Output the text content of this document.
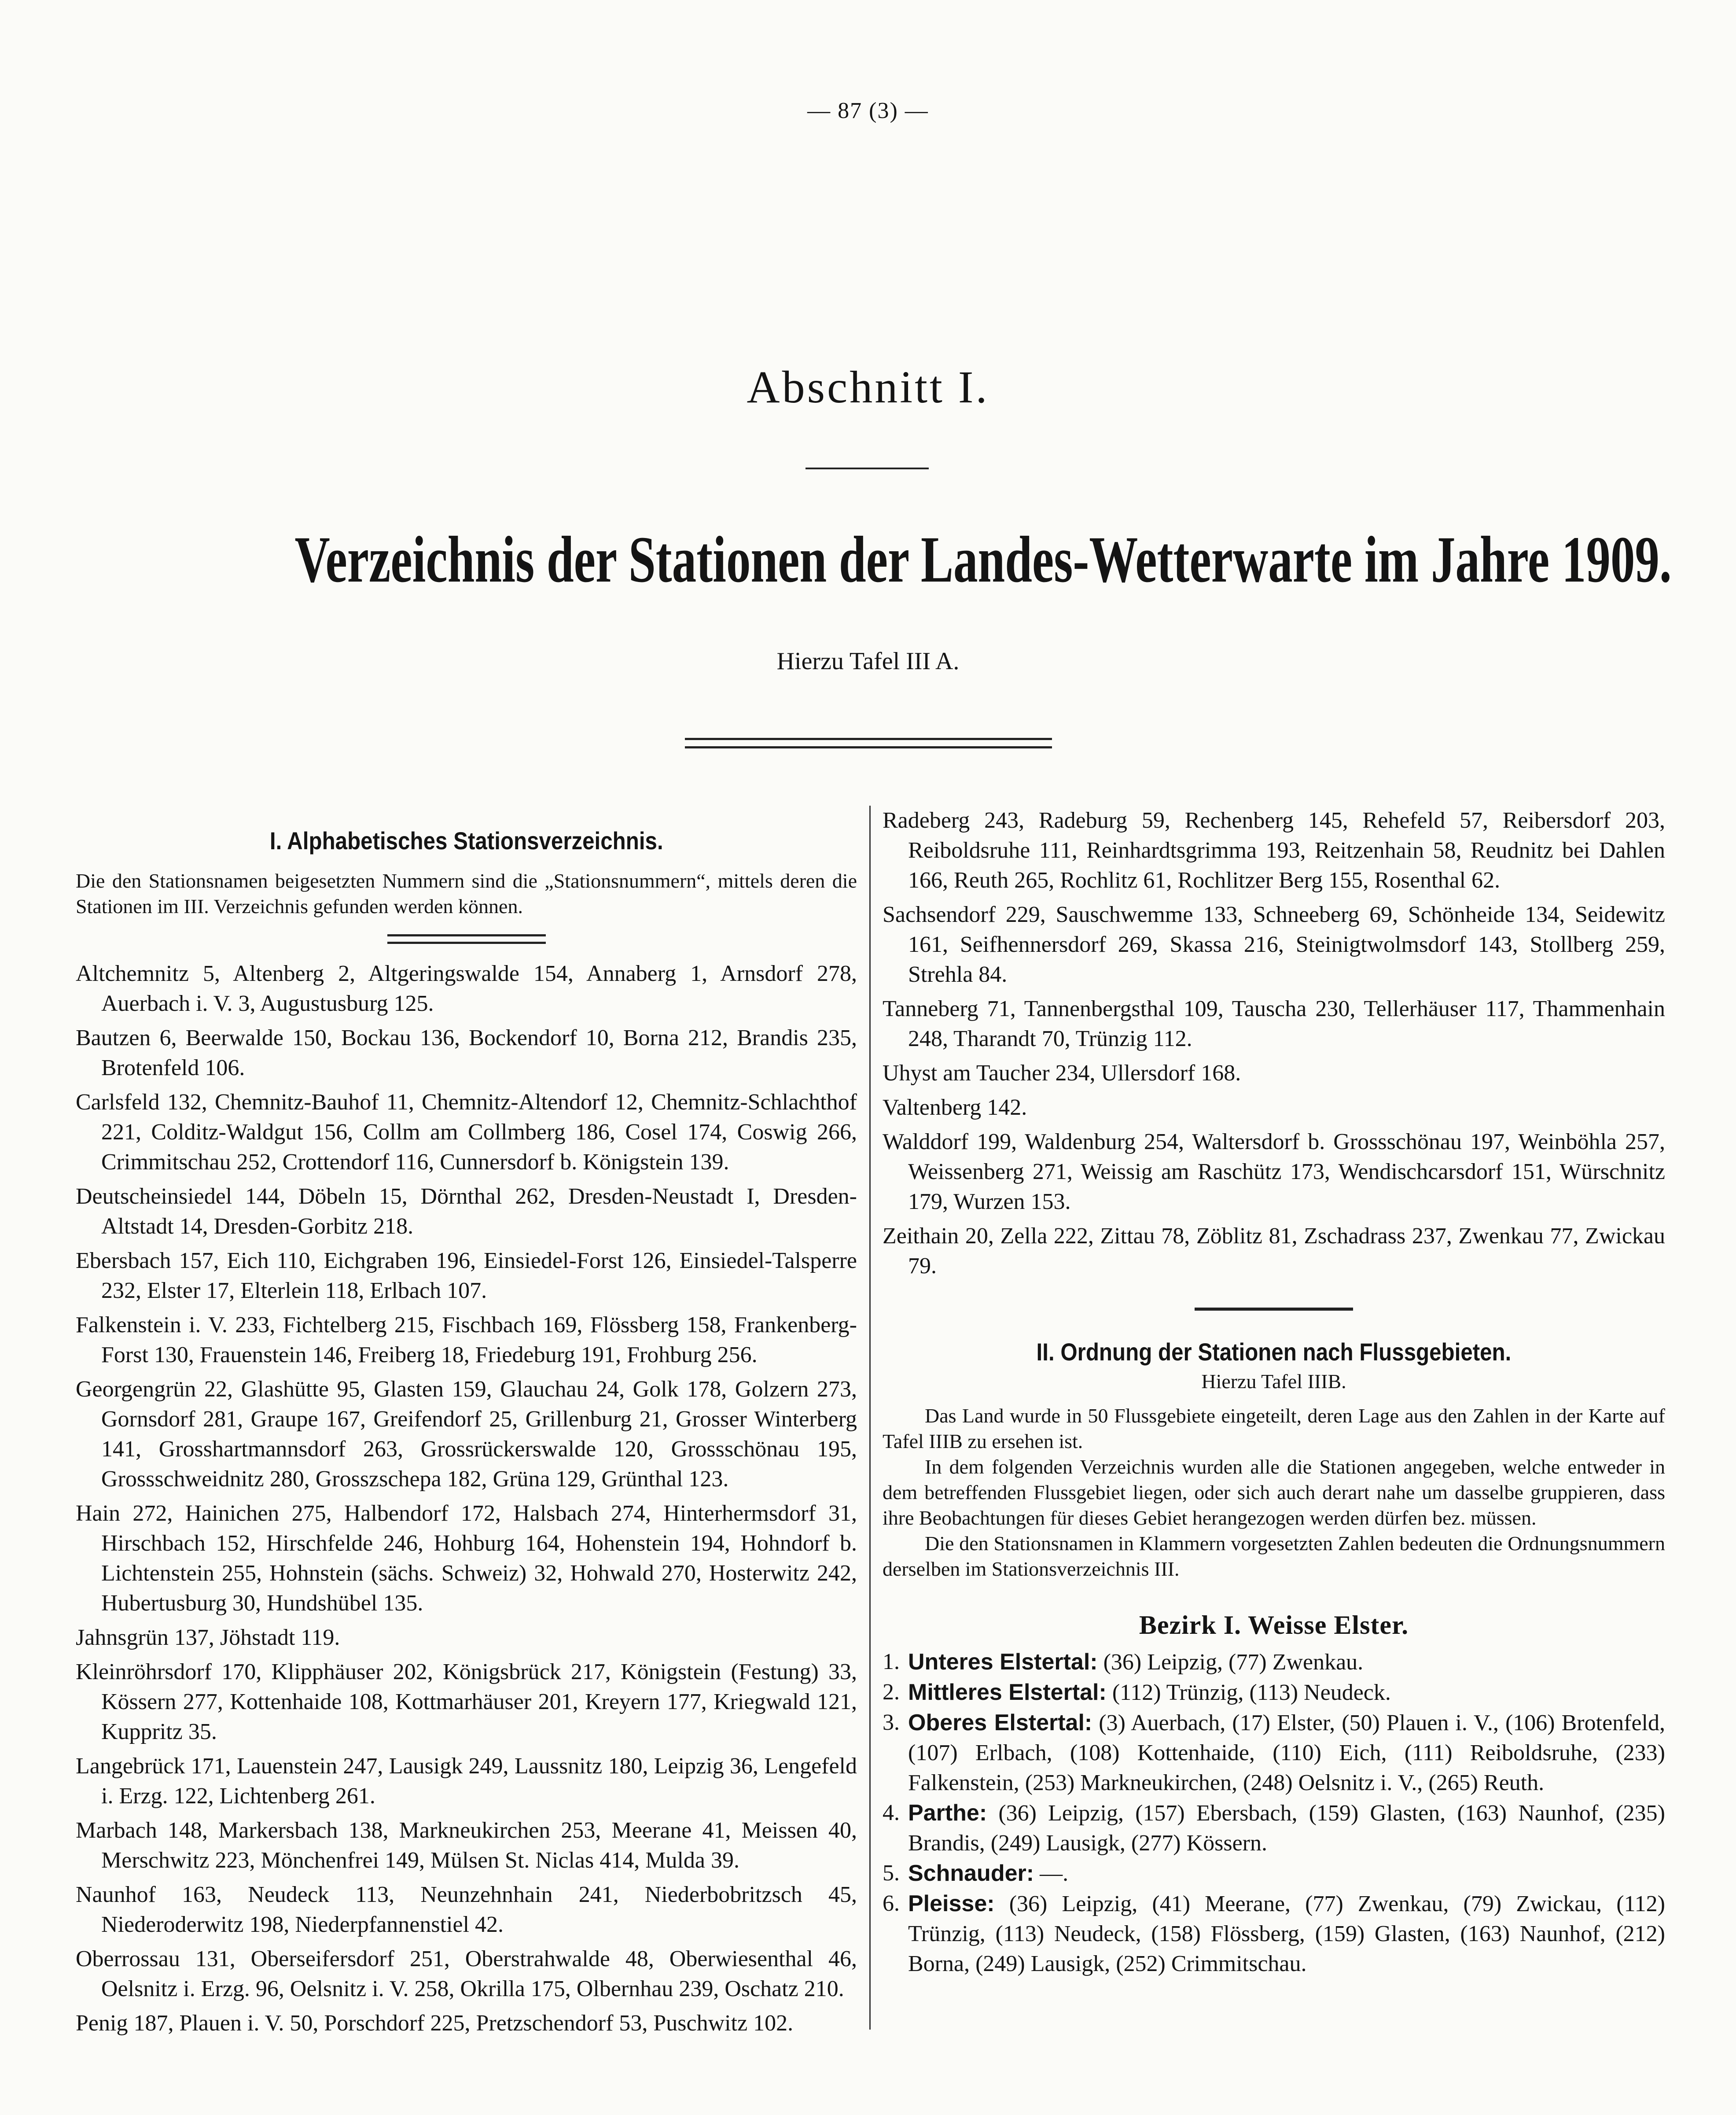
— 87 (3) —
Abschnitt I.
Verzeichnis der Stationen der Landes-Wetterwarte im Jahre 1909.
Hierzu Tafel III A.
I. Alphabetisches Stationsverzeichnis.

Die den Stationsnamen beigesetzten Nummern sind die „Stationsnummern“, mittels deren die Stationen im III. Verzeichnis gefunden werden können.

Altchemnitz 5, Altenberg 2, Altgeringswalde 154, Annaberg 1, Arnsdorf 278, Auerbach i. V. 3, Augustusburg 125.

Bautzen 6, Beerwalde 150, Bockau 136, Bockendorf 10, Borna 212, Brandis 235, Brotenfeld 106.

Carlsfeld 132, Chemnitz-Bauhof 11, Chemnitz-Altendorf 12, Chemnitz-Schlachthof 221, Colditz-Waldgut 156, Collm am Collmberg 186, Cosel 174, Coswig 266, Crimmitschau 252, Crottendorf 116, Cunnersdorf b. Königstein 139.

Deutscheinsiedel 144, Döbeln 15, Dörnthal 262, Dresden-Neustadt I, Dresden-Altstadt 14, Dresden-Gorbitz 218.

Ebersbach 157, Eich 110, Eichgraben 196, Einsiedel-Forst 126, Einsiedel-Talsperre 232, Elster 17, Elterlein 118, Erlbach 107.

Falkenstein i. V. 233, Fichtelberg 215, Fischbach 169, Flössberg 158, Frankenberg-Forst 130, Frauenstein 146, Freiberg 18, Friedeburg 191, Frohburg 256.

Georgengrün 22, Glashütte 95, Glasten 159, Glauchau 24, Golk 178, Golzern 273, Gornsdorf 281, Graupe 167, Greifendorf 25, Grillenburg 21, Grosser Winterberg 141, Grosshartmannsdorf 263, Grossrückerswalde 120, Grossschönau 195, Grossschweidnitz 280, Grosszschepa 182, Grüna 129, Grünthal 123.

Hain 272, Hainichen 275, Halbendorf 172, Halsbach 274, Hinterhermsdorf 31, Hirschbach 152, Hirschfelde 246, Hohburg 164, Hohenstein 194, Hohndorf b. Lichtenstein 255, Hohnstein (sächs. Schweiz) 32, Hohwald 270, Hosterwitz 242, Hubertusburg 30, Hundshübel 135.

Jahnsgrün 137, Jöhstadt 119.

Kleinröhrsdorf 170, Klipphäuser 202, Königsbrück 217, Königstein (Festung) 33, Kössern 277, Kottenhaide 108, Kottmarhäuser 201, Kreyern 177, Kriegwald 121, Kuppritz 35.

Langebrück 171, Lauenstein 247, Lausigk 249, Laussnitz 180, Leipzig 36, Lengefeld i. Erzg. 122, Lichtenberg 261.

Marbach 148, Markersbach 138, Markneukirchen 253, Meerane 41, Meissen 40, Merschwitz 223, Mönchenfrei 149, Mülsen St. Niclas 414, Mulda 39.

Naunhof 163, Neudeck 113, Neunzehnhain 241, Niederbobritzsch 45, Niederoderwitz 198, Niederpfannenstiel 42.

Oberrossau 131, Oberseifersdorf 251, Oberstrahwalde 48, Oberwiesenthal 46, Oelsnitz i. Erzg. 96, Oelsnitz i. V. 258, Okrilla 175, Olbernhau 239, Oschatz 210.

Penig 187, Plauen i. V. 50, Porschdorf 225, Pretzschendorf 53, Puschwitz 102.

Radeberg 243, Radeburg 59, Rechenberg 145, Rehefeld 57, Reibersdorf 203, Reiboldsruhe 111, Reinhardtsgrimma 193, Reitzenhain 58, Reudnitz bei Dahlen 166, Reuth 265, Rochlitz 61, Rochlitzer Berg 155, Rosenthal 62.

Sachsendorf 229, Sauschwemme 133, Schneeberg 69, Schönheide 134, Seidewitz 161, Seifhennersdorf 269, Skassa 216, Steinigtwolmsdorf 143, Stollberg 259, Strehla 84.

Tanneberg 71, Tannenbergsthal 109, Tauscha 230, Tellerhäuser 117, Thammenhain 248, Tharandt 70, Trünzig 112.

Uhyst am Taucher 234, Ullersdorf 168.

Valtenberg 142.

Walddorf 199, Waldenburg 254, Waltersdorf b. Grossschönau 197, Weinböhla 257, Weissenberg 271, Weissig am Raschütz 173, Wendischcarsdorf 151, Würschnitz 179, Wurzen 153.

Zeithain 20, Zella 222, Zittau 78, Zöblitz 81, Zschadrass 237, Zwenkau 77, Zwickau 79.

II. Ordnung der Stationen nach Flussgebieten.

Hierzu Tafel IIIB.

Das Land wurde in 50 Flussgebiete eingeteilt, deren Lage aus den Zahlen in der Karte auf Tafel IIIB zu ersehen ist.

In dem folgenden Verzeichnis wurden alle die Stationen angegeben, welche entweder in dem betreffenden Flussgebiet liegen, oder sich auch derart nahe um dasselbe gruppieren, dass ihre Beobachtungen für dieses Gebiet herangezogen werden dürfen bez. müssen.

Die den Stationsnamen in Klammern vorgesetzten Zahlen bedeuten die Ordnungsnummern derselben im Stationsverzeichnis III.

Bezirk I. Weisse Elster.
1. Unteres Elstertal: (36) Leipzig, (77) Zwenkau.
2. Mittleres Elstertal: (112) Trünzig, (113) Neudeck.
3. Oberes Elstertal: (3) Auerbach, (17) Elster, (50) Plauen i. V., (106) Brotenfeld, (107) Erlbach, (108) Kottenhaide, (110) Eich, (111) Reiboldsruhe, (233) Falkenstein, (253) Markneukirchen, (248) Oelsnitz i. V., (265) Reuth.
4. Parthe: (36) Leipzig, (157) Ebersbach, (159) Glasten, (163) Naunhof, (235) Brandis, (249) Lausigk, (277) Kössern.
5. Schnauder: —.
6. Pleisse: (36) Leipzig, (41) Meerane, (77) Zwenkau, (79) Zwickau, (112) Trünzig, (113) Neudeck, (158) Flössberg, (159) Glasten, (163) Naunhof, (212) Borna, (249) Lausigk, (252) Crimmitschau.
